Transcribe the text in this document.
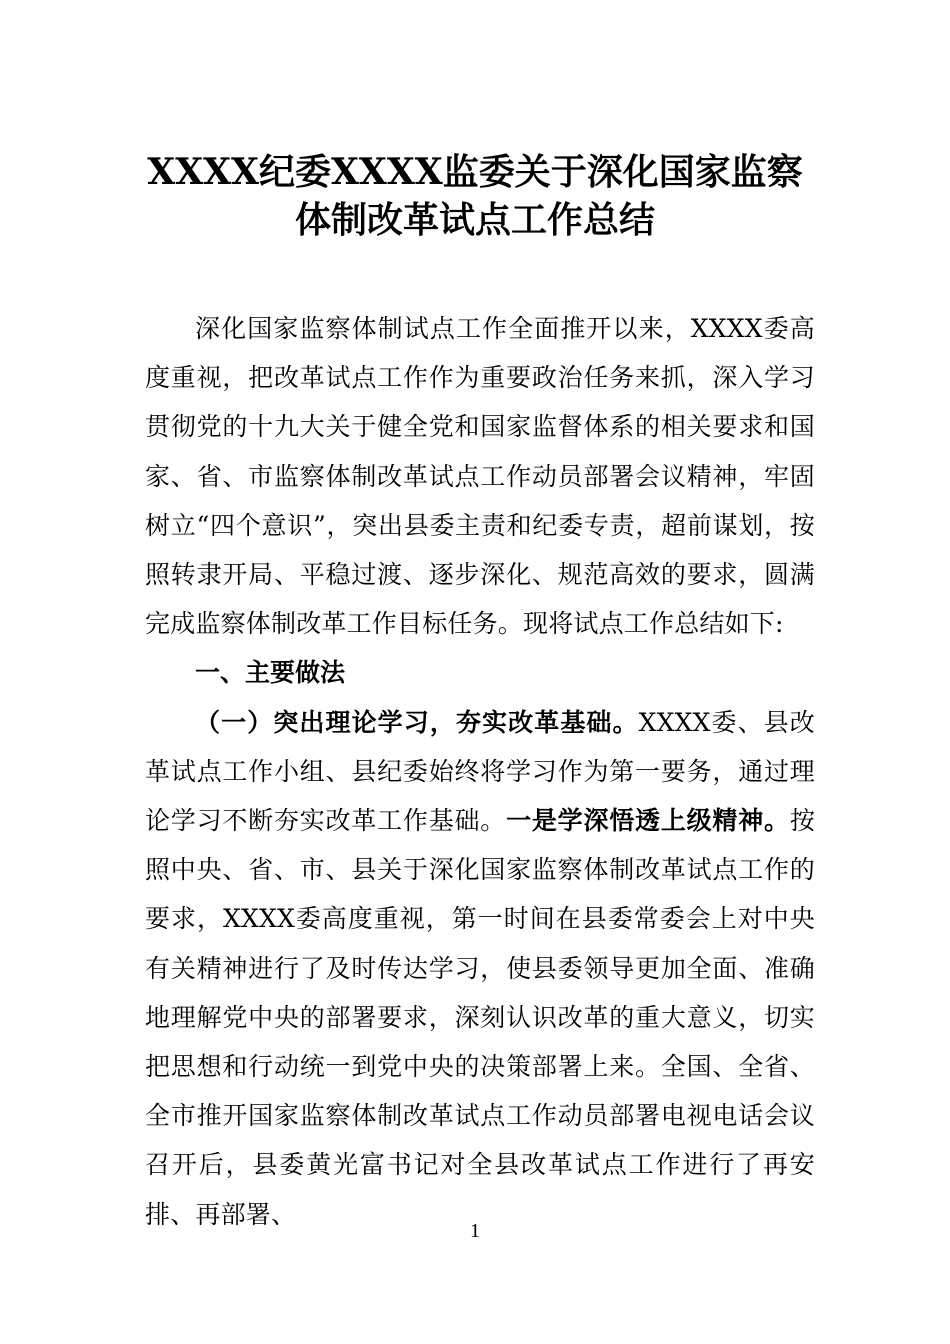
XXXX纪委XXXX监委关于深化国家监察
体制改革试点工作总结

深化国家监察体制试点工作全面推开以来，XXXX委高度重视，把改革试点工作作为重要政治任务来抓，深入学习贯彻党的十九大关于健全党和国家监督体系的相关要求和国家、省、市监察体制改革试点工作动员部署会议精神，牢固树立“四个意识”，突出县委主责和纪委专责，超前谋划，按照转隶开局、平稳过渡、逐步深化、规范高效的要求，圆满完成监察体制改革工作目标任务。现将试点工作总结如下:

一、主要做法

（一）突出理论学习，夯实改革基础。XXXX委、县改革试点工作小组、县纪委始终将学习作为第一要务，通过理论学习不断夯实改革工作基础。一是学深悟透上级精神。按照中央、省、市、县关于深化国家监察体制改革试点工作的要求，XXXX委高度重视，第一时间在县委常委会上对中央有关精神进行了及时传达学习，使县委领导更加全面、准确地理解党中央的部署要求，深刻认识改革的重大意义，切实把思想和行动统一到党中央的决策部署上来。全国、全省、全市推开国家监察体制改革试点工作动员部署电视电话会议召开后，县委黄光富书记对全县改革试点工作进行了再安排、再部署、

1
